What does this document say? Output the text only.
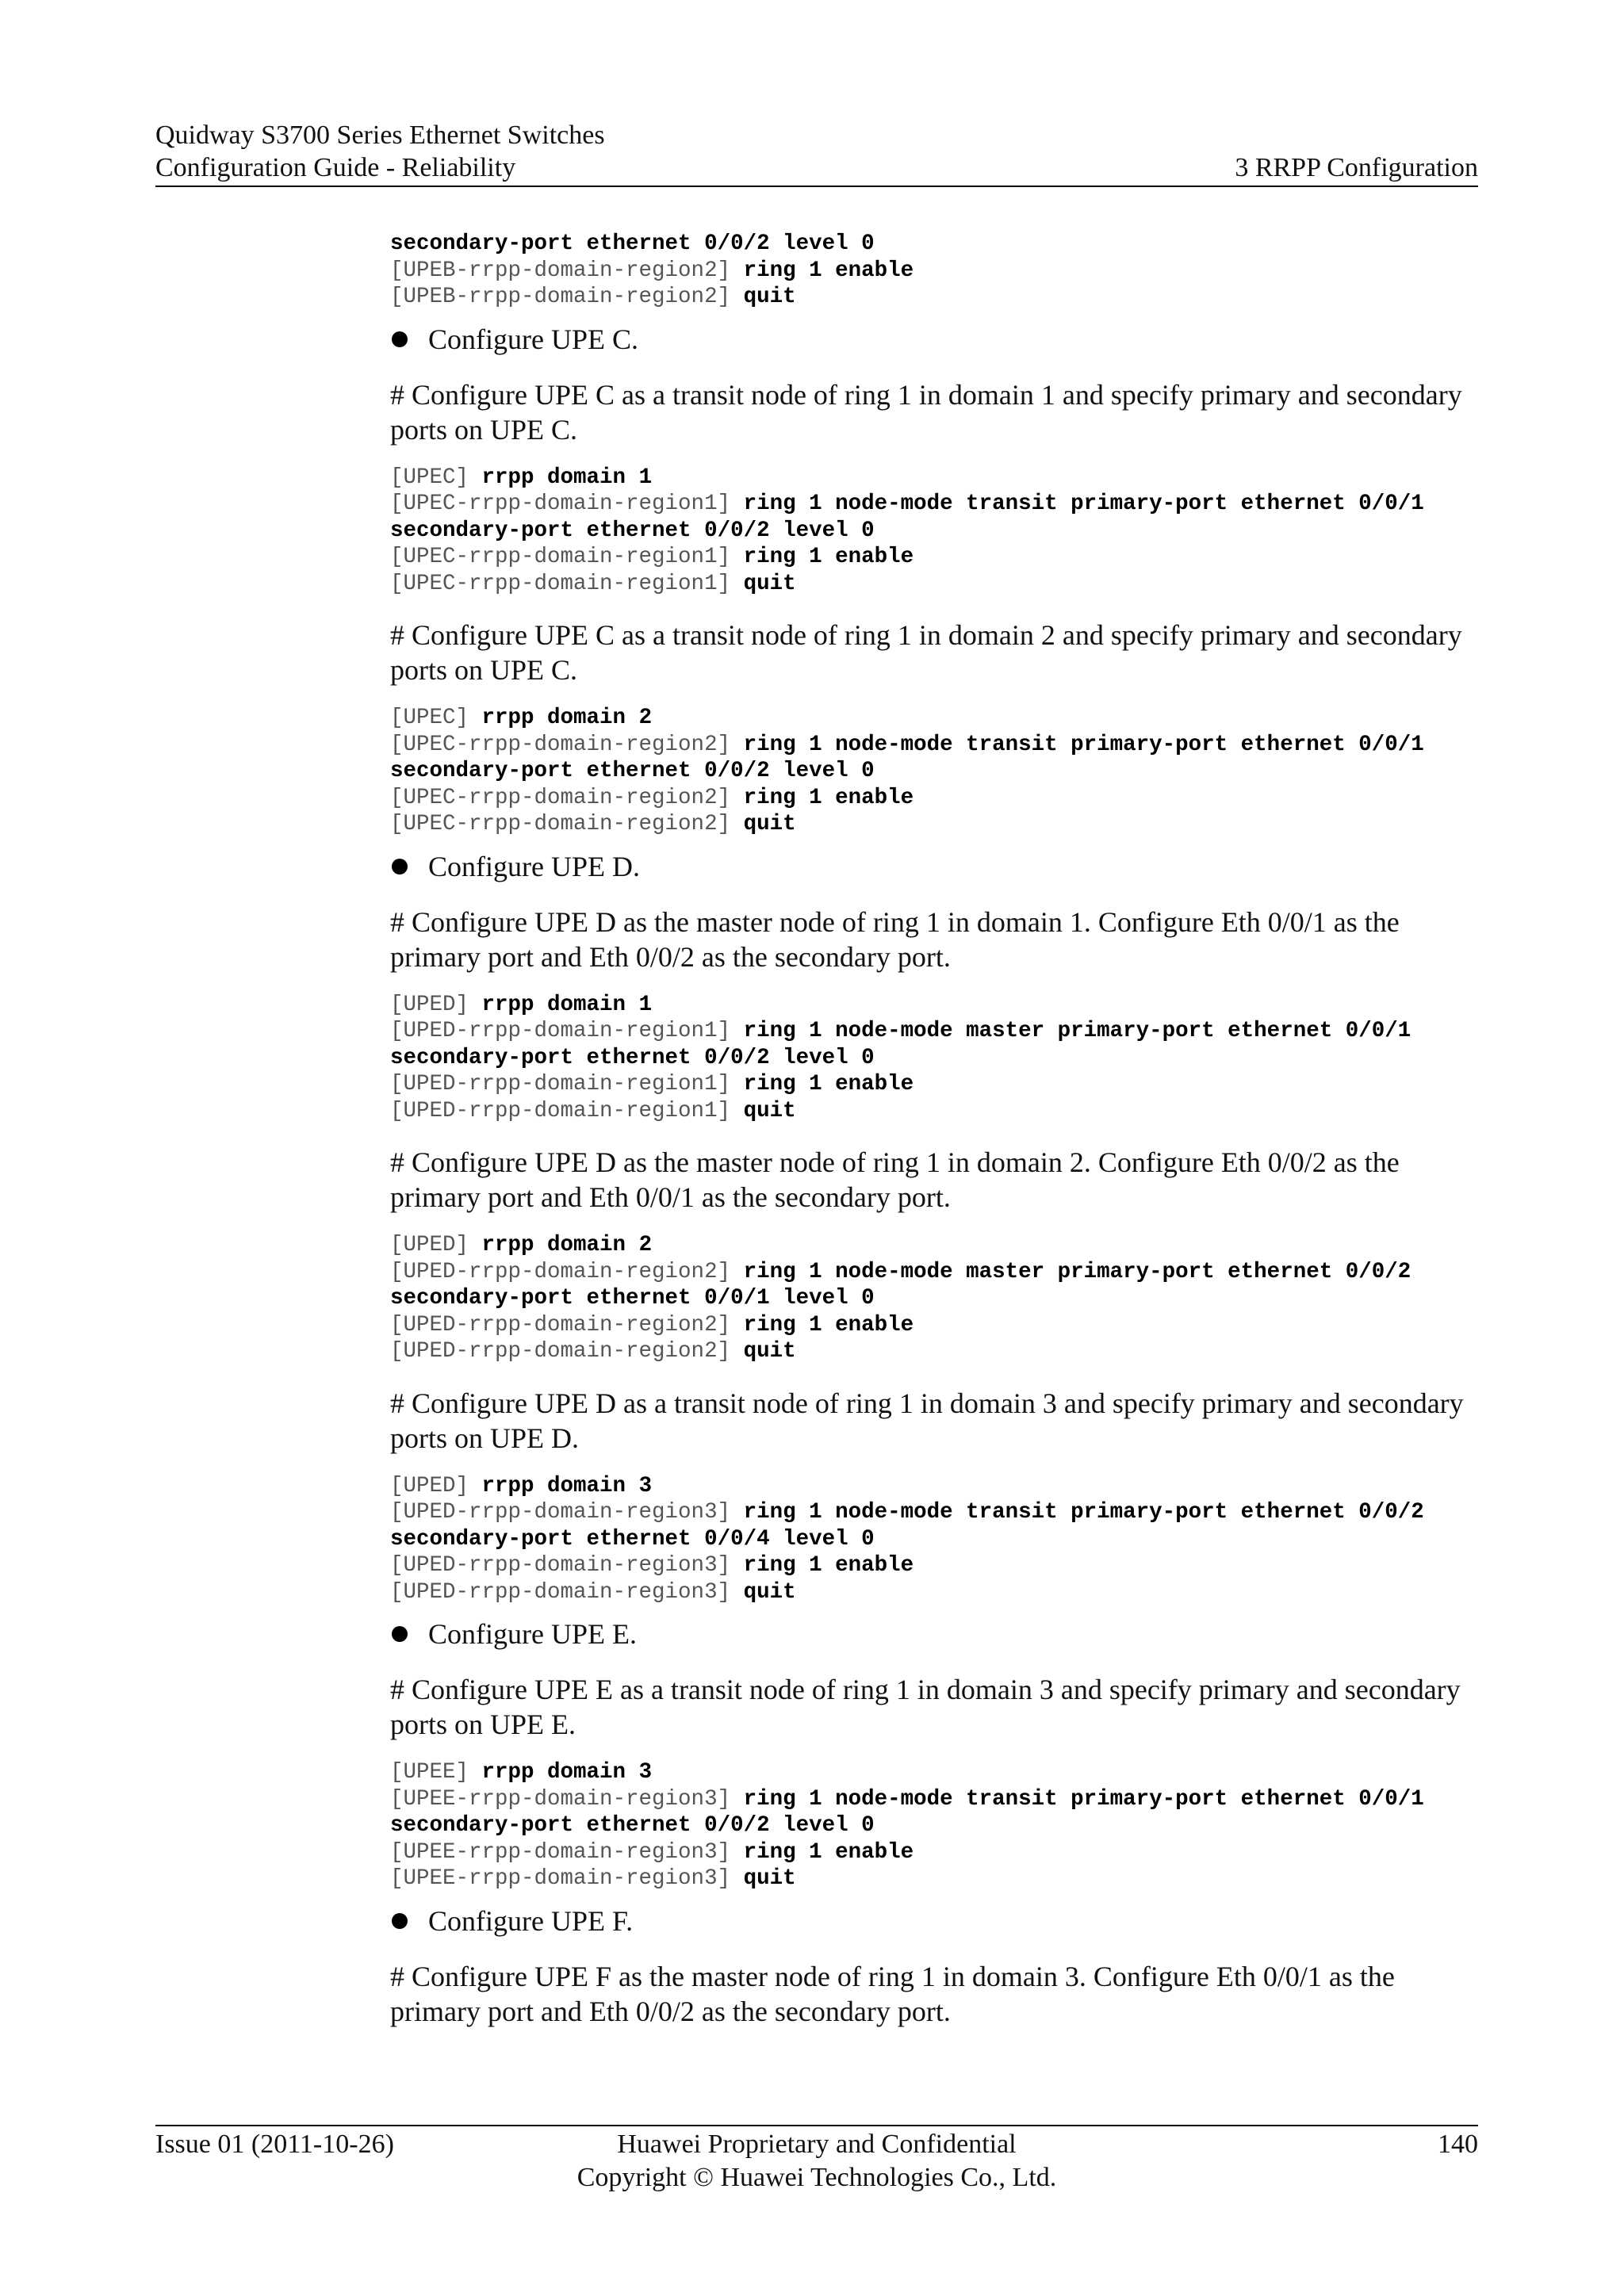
Quidway S3700 Series Ethernet Switches
Configuration Guide - Reliability	3 RRPP Configuration
secondary-port ethernet 0/0/2 level 0
[UPEB-rrpp-domain-region2] ring 1 enable
[UPEB-rrpp-domain-region2] quit
Configure UPE C.
# Configure UPE C as a transit node of ring 1 in domain 1 and specify primary and secondary ports on UPE C.
[UPEC] rrpp domain 1
[UPEC-rrpp-domain-region1] ring 1 node-mode transit primary-port ethernet 0/0/1
secondary-port ethernet 0/0/2 level 0
[UPEC-rrpp-domain-region1] ring 1 enable
[UPEC-rrpp-domain-region1] quit
# Configure UPE C as a transit node of ring 1 in domain 2 and specify primary and secondary ports on UPE C.
[UPEC] rrpp domain 2
[UPEC-rrpp-domain-region2] ring 1 node-mode transit primary-port ethernet 0/0/1
secondary-port ethernet 0/0/2 level 0
[UPEC-rrpp-domain-region2] ring 1 enable
[UPEC-rrpp-domain-region2] quit
Configure UPE D.
# Configure UPE D as the master node of ring 1 in domain 1. Configure Eth 0/0/1 as the primary port and Eth 0/0/2 as the secondary port.
[UPED] rrpp domain 1
[UPED-rrpp-domain-region1] ring 1 node-mode master primary-port ethernet 0/0/1
secondary-port ethernet 0/0/2 level 0
[UPED-rrpp-domain-region1] ring 1 enable
[UPED-rrpp-domain-region1] quit
# Configure UPE D as the master node of ring 1 in domain 2. Configure Eth 0/0/2 as the primary port and Eth 0/0/1 as the secondary port.
[UPED] rrpp domain 2
[UPED-rrpp-domain-region2] ring 1 node-mode master primary-port ethernet 0/0/2
secondary-port ethernet 0/0/1 level 0
[UPED-rrpp-domain-region2] ring 1 enable
[UPED-rrpp-domain-region2] quit
# Configure UPE D as a transit node of ring 1 in domain 3 and specify primary and secondary ports on UPE D.
[UPED] rrpp domain 3
[UPED-rrpp-domain-region3] ring 1 node-mode transit primary-port ethernet 0/0/2
secondary-port ethernet 0/0/4 level 0
[UPED-rrpp-domain-region3] ring 1 enable
[UPED-rrpp-domain-region3] quit
Configure UPE E.
# Configure UPE E as a transit node of ring 1 in domain 3 and specify primary and secondary ports on UPE E.
[UPEE] rrpp domain 3
[UPEE-rrpp-domain-region3] ring 1 node-mode transit primary-port ethernet 0/0/1
secondary-port ethernet 0/0/2 level 0
[UPEE-rrpp-domain-region3] ring 1 enable
[UPEE-rrpp-domain-region3] quit
Configure UPE F.
# Configure UPE F as the master node of ring 1 in domain 3. Configure Eth 0/0/1 as the primary port and Eth 0/0/2 as the secondary port.
Huawei Proprietary and Confidential
Copyright © Huawei Technologies Co., Ltd.
Issue 01 (2011-10-26)	140
